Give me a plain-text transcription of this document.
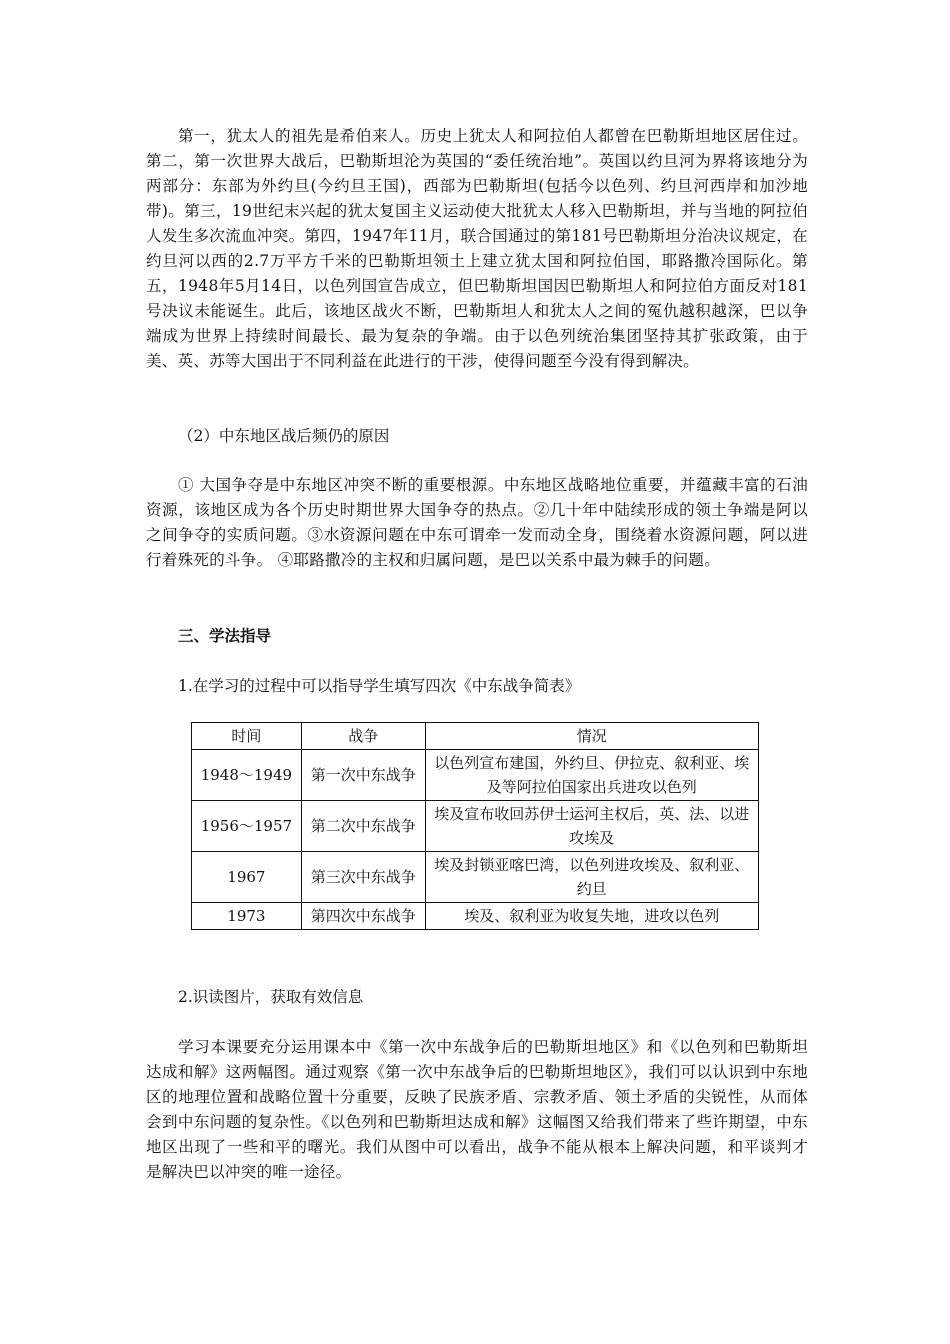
第一，犹太人的祖先是希伯来人。历史上犹太人和阿拉伯人都曾在巴勒斯坦地区居住过。第二，第一次世界大战后，巴勒斯坦沦为英国的“委任统治地”。英国以约旦河为界将该地分为两部分：东部为外约旦(今约旦王国)，西部为巴勒斯坦(包括今以色列、约旦河西岸和加沙地带)。第三，19世纪末兴起的犹太复国主义运动使大批犹太人移入巴勒斯坦，并与当地的阿拉伯人发生多次流血冲突。第四，1947年11月，联合国通过的第181号巴勒斯坦分治决议规定，在约旦河以西的2.7万平方千米的巴勒斯坦领土上建立犹太国和阿拉伯国，耶路撒冷国际化。第五，1948年5月14日，以色列国宣告成立，但巴勒斯坦国因巴勒斯坦人和阿拉伯方面反对181号决议未能诞生。此后，该地区战火不断，巴勒斯坦人和犹太人之间的冤仇越积越深，巴以争端成为世界上持续时间最长、最为复杂的争端。由于以色列统治集团坚持其扩张政策，由于美、英、苏等大国出于不同利益在此进行的干涉，使得问题至今没有得到解决。

（2）中东地区战后频仍的原因

① 大国争夺是中东地区冲突不断的重要根源。中东地区战略地位重要，并蕴藏丰富的石油资源，该地区成为各个历史时期世界大国争夺的热点。②几十年中陆续形成的领土争端是阿以之间争夺的实质问题。③水资源问题在中东可谓牵一发而动全身，围绕着水资源问题，阿以进行着殊死的斗争。 ④耶路撒冷的主权和归属问题，是巴以关系中最为棘手的问题。

三、学法指导

1.在学习的过程中可以指导学生填写四次《中东战争简表》

时间	战争	情况
1948～1949	第一次中东战争	以色列宣布建国，外约旦、伊拉克、叙利亚、埃及等阿拉伯国家出兵进攻以色列
1956～1957	第二次中东战争	埃及宣布收回苏伊士运河主权后，英、法、以进攻埃及
1967	第三次中东战争	埃及封锁亚喀巴湾，以色列进攻埃及、叙利亚、约旦
1973	第四次中东战争	埃及、叙利亚为收复失地，进攻以色列

2.识读图片，获取有效信息

学习本课要充分运用课本中《第一次中东战争后的巴勒斯坦地区》和《以色列和巴勒斯坦达成和解》这两幅图。通过观察《第一次中东战争后的巴勒斯坦地区》，我们可以认识到中东地区的地理位置和战略位置十分重要，反映了民族矛盾、宗教矛盾、领土矛盾的尖锐性，从而体会到中东问题的复杂性。《以色列和巴勒斯坦达成和解》这幅图又给我们带来了些许期望，中东地区出现了一些和平的曙光。我们从图中可以看出，战争不能从根本上解决问题，和平谈判才是解决巴以冲突的唯一途径。
